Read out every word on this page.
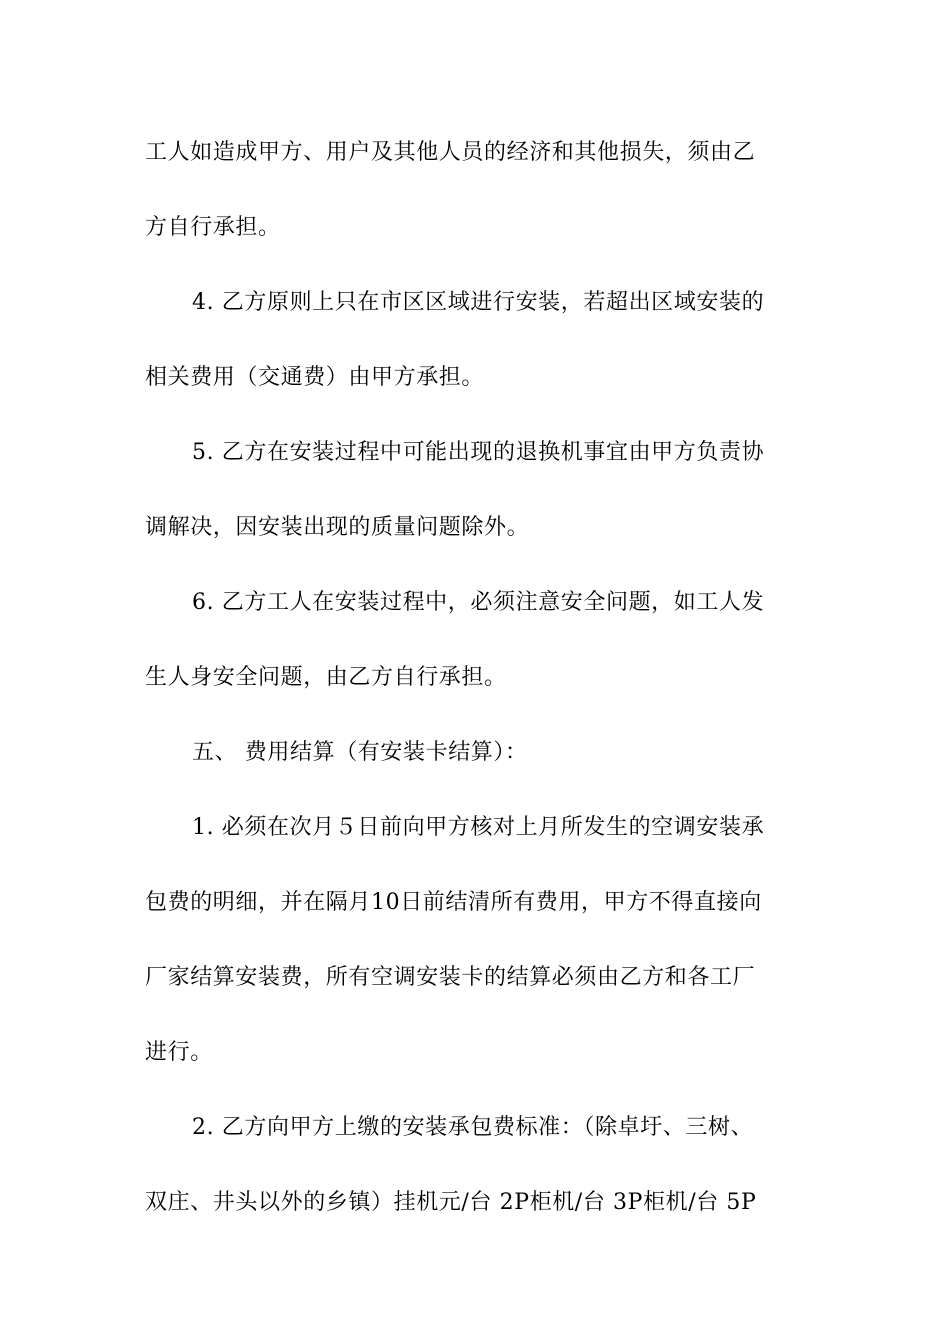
工人如造成甲方、用户及其他人员的经济和其他损失，须由乙
方自行承担。
4. 乙方原则上只在市区区域进行安装，若超出区域安装的
相关费用（交通费）由甲方承担。
5. 乙方在安装过程中可能出现的退换机事宜由甲方负责协
调解决，因安装出现的质量问题除外。
6. 乙方工人在安装过程中，必须注意安全问题，如工人发
生人身安全问题，由乙方自行承担。
五、 费用结算（有安装卡结算）：
1. 必须在次月５日前向甲方核对上月所发生的空调安装承
包费的明细，并在隔月10日前结清所有费用，甲方不得直接向
厂家结算安装费，所有空调安装卡的结算必须由乙方和各工厂
进行。
2. 乙方向甲方上缴的安装承包费标准：（除卓圩、三树、
双庄、井头以外的乡镇）挂机元/台 2P柜机/台 3P柜机/台 5P
